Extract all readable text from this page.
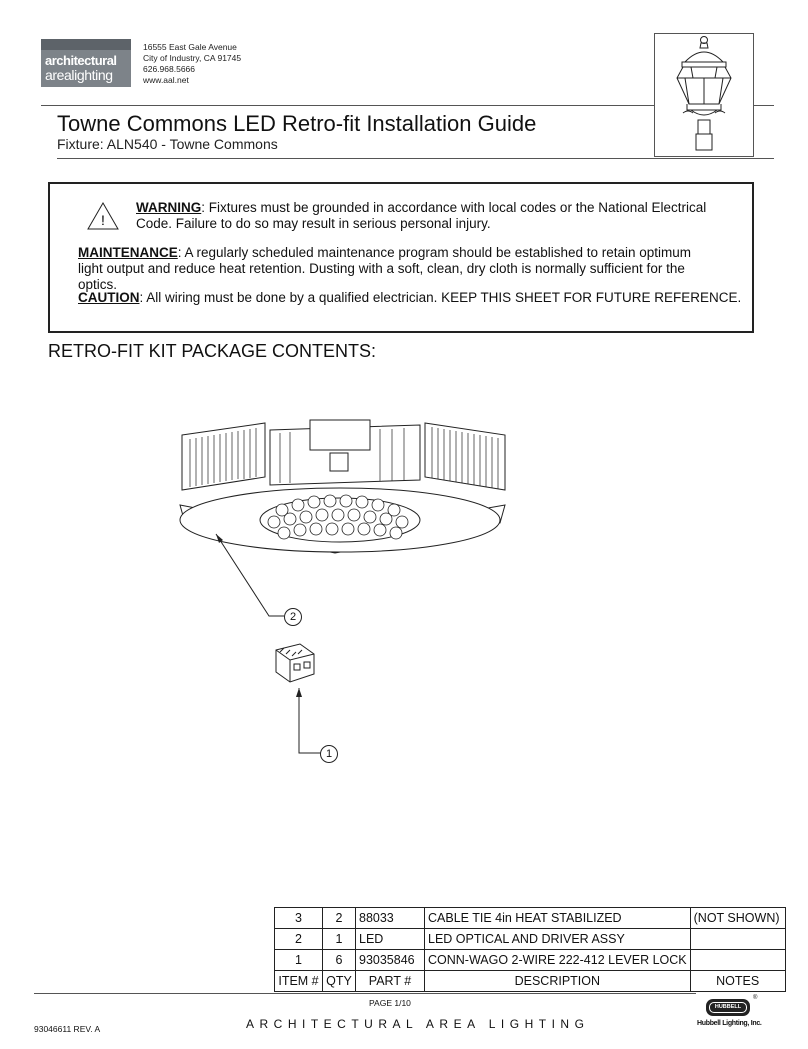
architectural
arealighting
16555 East Gale Avenue
City of Industry, CA 91745
626.968.5666
www.aal.net
Towne Commons LED Retro-fit Installation Guide
Fixture: ALN540 - Towne Commons
!
WARNING: Fixtures must be grounded in accordance with local codes or the National Electrical Code. Failure to do so may result in serious personal injury.
MAINTENANCE: A regularly scheduled maintenance program should be established to retain optimum light output and reduce heat retention. Dusting with a soft, clean, dry cloth is normally sufficient for the optics.
CAUTION: All wiring must be done by a qualified electrician. KEEP THIS SHEET FOR FUTURE REFERENCE.
RETRO-FIT KIT PACKAGE CONTENTS:
2
1
3	2	88033	CABLE TIE 4in HEAT STABILIZED	(NOT SHOWN)
2	1	LED	LED OPTICAL AND DRIVER ASSY	
1	6	93035846	CONN-WAGO 2-WIRE 222-412 LEVER LOCK	
ITEM #	QTY	PART #	DESCRIPTION	NOTES
PAGE 1/10
93046611 REV. A	ARCHITECTURAL AREA LIGHTING
HUBBELL
®
Hubbell Lighting, Inc.
